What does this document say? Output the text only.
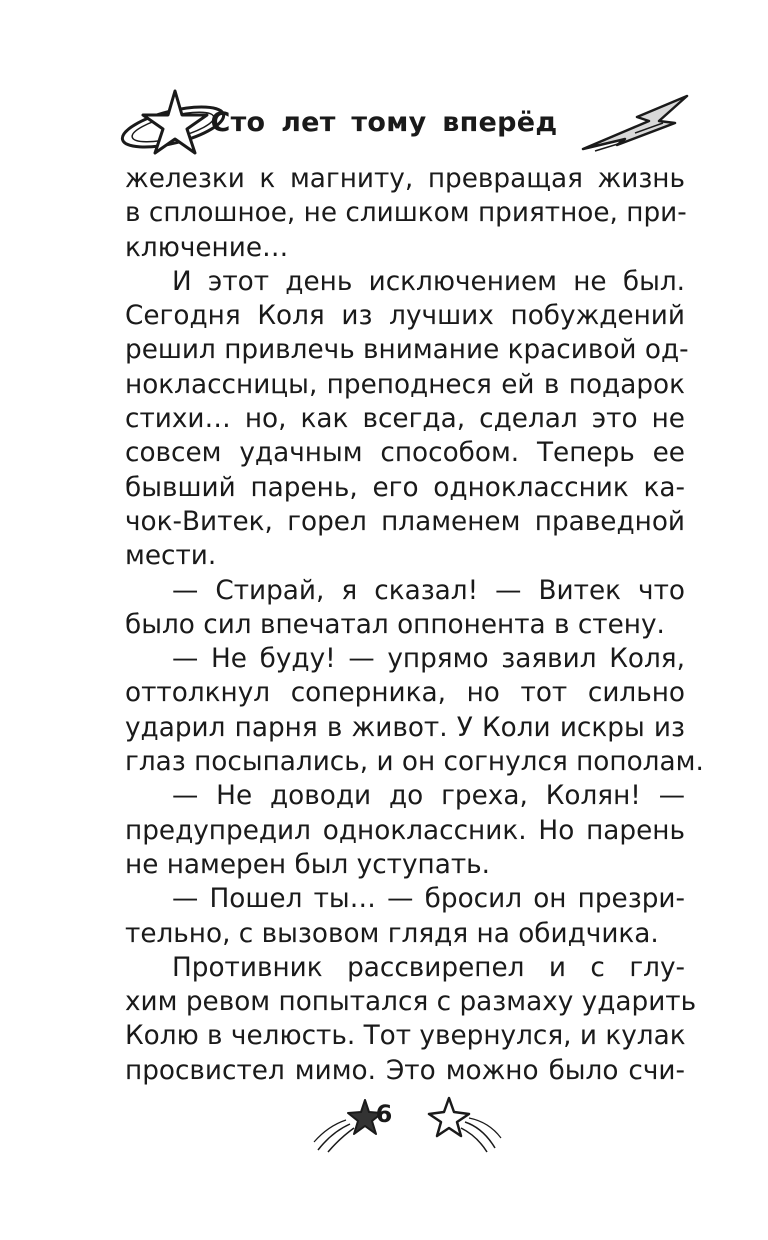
Сто лет тому вперёд
железки к магниту, превращая жизнь
в сплошное, не слишком приятное, при-
ключение…
И этот день исключением не был.
Сегодня Коля из лучших побуждений
решил привлечь внимание красивой од-
ноклассницы, преподнеся ей в подарок
стихи… но, как всегда, сделал это не
совсем удачным способом. Теперь ее
бывший парень, его одноклассник ка-
чок-Витек, горел пламенем праведной
мести.
— Стирай, я сказал! — Витек что
было сил впечатал оппонента в стену.
— Не буду! — упрямо заявил Коля,
оттолкнул соперника, но тот сильно
ударил парня в живот. У Коли искры из
глаз посыпались, и он согнулся пополам.
— Не доводи до греха, Колян! —
предупредил одноклассник. Но парень
не намерен был уступать.
— Пошел ты… — бросил он презри-
тельно, с вызовом глядя на обидчика.
Противник рассвирепел и с глу-
хим ревом попытался с размаху ударить
Колю в челюсть. Тот увернулся, и кулак
просвистел мимо. Это можно было счи-
6
